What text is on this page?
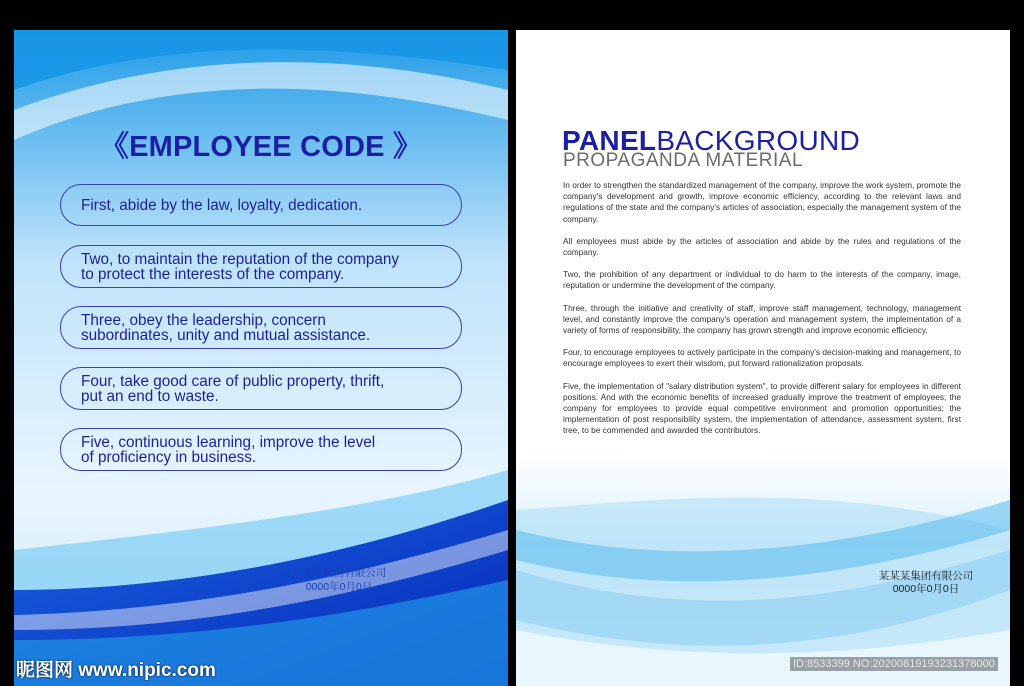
《EMPLOYEE CODE 》
First, abide by the law, loyalty, dedication.
Two, to maintain the reputation of the company
to protect the interests of the company.
Three, obey the leadership, concern
subordinates, unity and mutual assistance.
Four, take good care of public property, thrift,
put an end to waste.
Five, continuous learning, improve the level
of proficiency in business.
某某某集团有限公司
0000年0月0日
PANELBACKGROUND
PROPAGANDA MATERIAL

In order to strengthen the standardized management of the company, improve the work system, promote the company's development and growth, improve economic efficiency, according to the relevant laws and regulations of the state and the company's articles of association, especially the management system of the company.

All employees must abide by the articles of association and abide by the rules and regulations of the company.

Two, the prohibition of any department or individual to do harm to the interests of the company, image, reputation or undermine the development of the company.

Three, through the initiative and creativity of staff, improve staff management, technology, management level, and constantly improve the company's operation and management system, the implementation of a variety of forms of responsibility, the company has grown strength and improve economic efficiency.

Four, to encourage employees to actively participate in the company's decision-making and management, to encourage employees to exert their wisdom, put forward rationalization proposals.

Five, the implementation of "salary distribution system", to provide different salary for employees in different positions. And with the economic benefits of increased gradually improve the treatment of employees; the company for employees to provide equal competitive environment and promotion opportunities; the implementation of post responsibility system, the implementation of attendance, assessment system, first tree, to be commended and awarded the contributors.

某某某集团有限公司
0000年0月0日
昵图网 www.nipic.com	ID:8533399 NO:20200819193231378000
